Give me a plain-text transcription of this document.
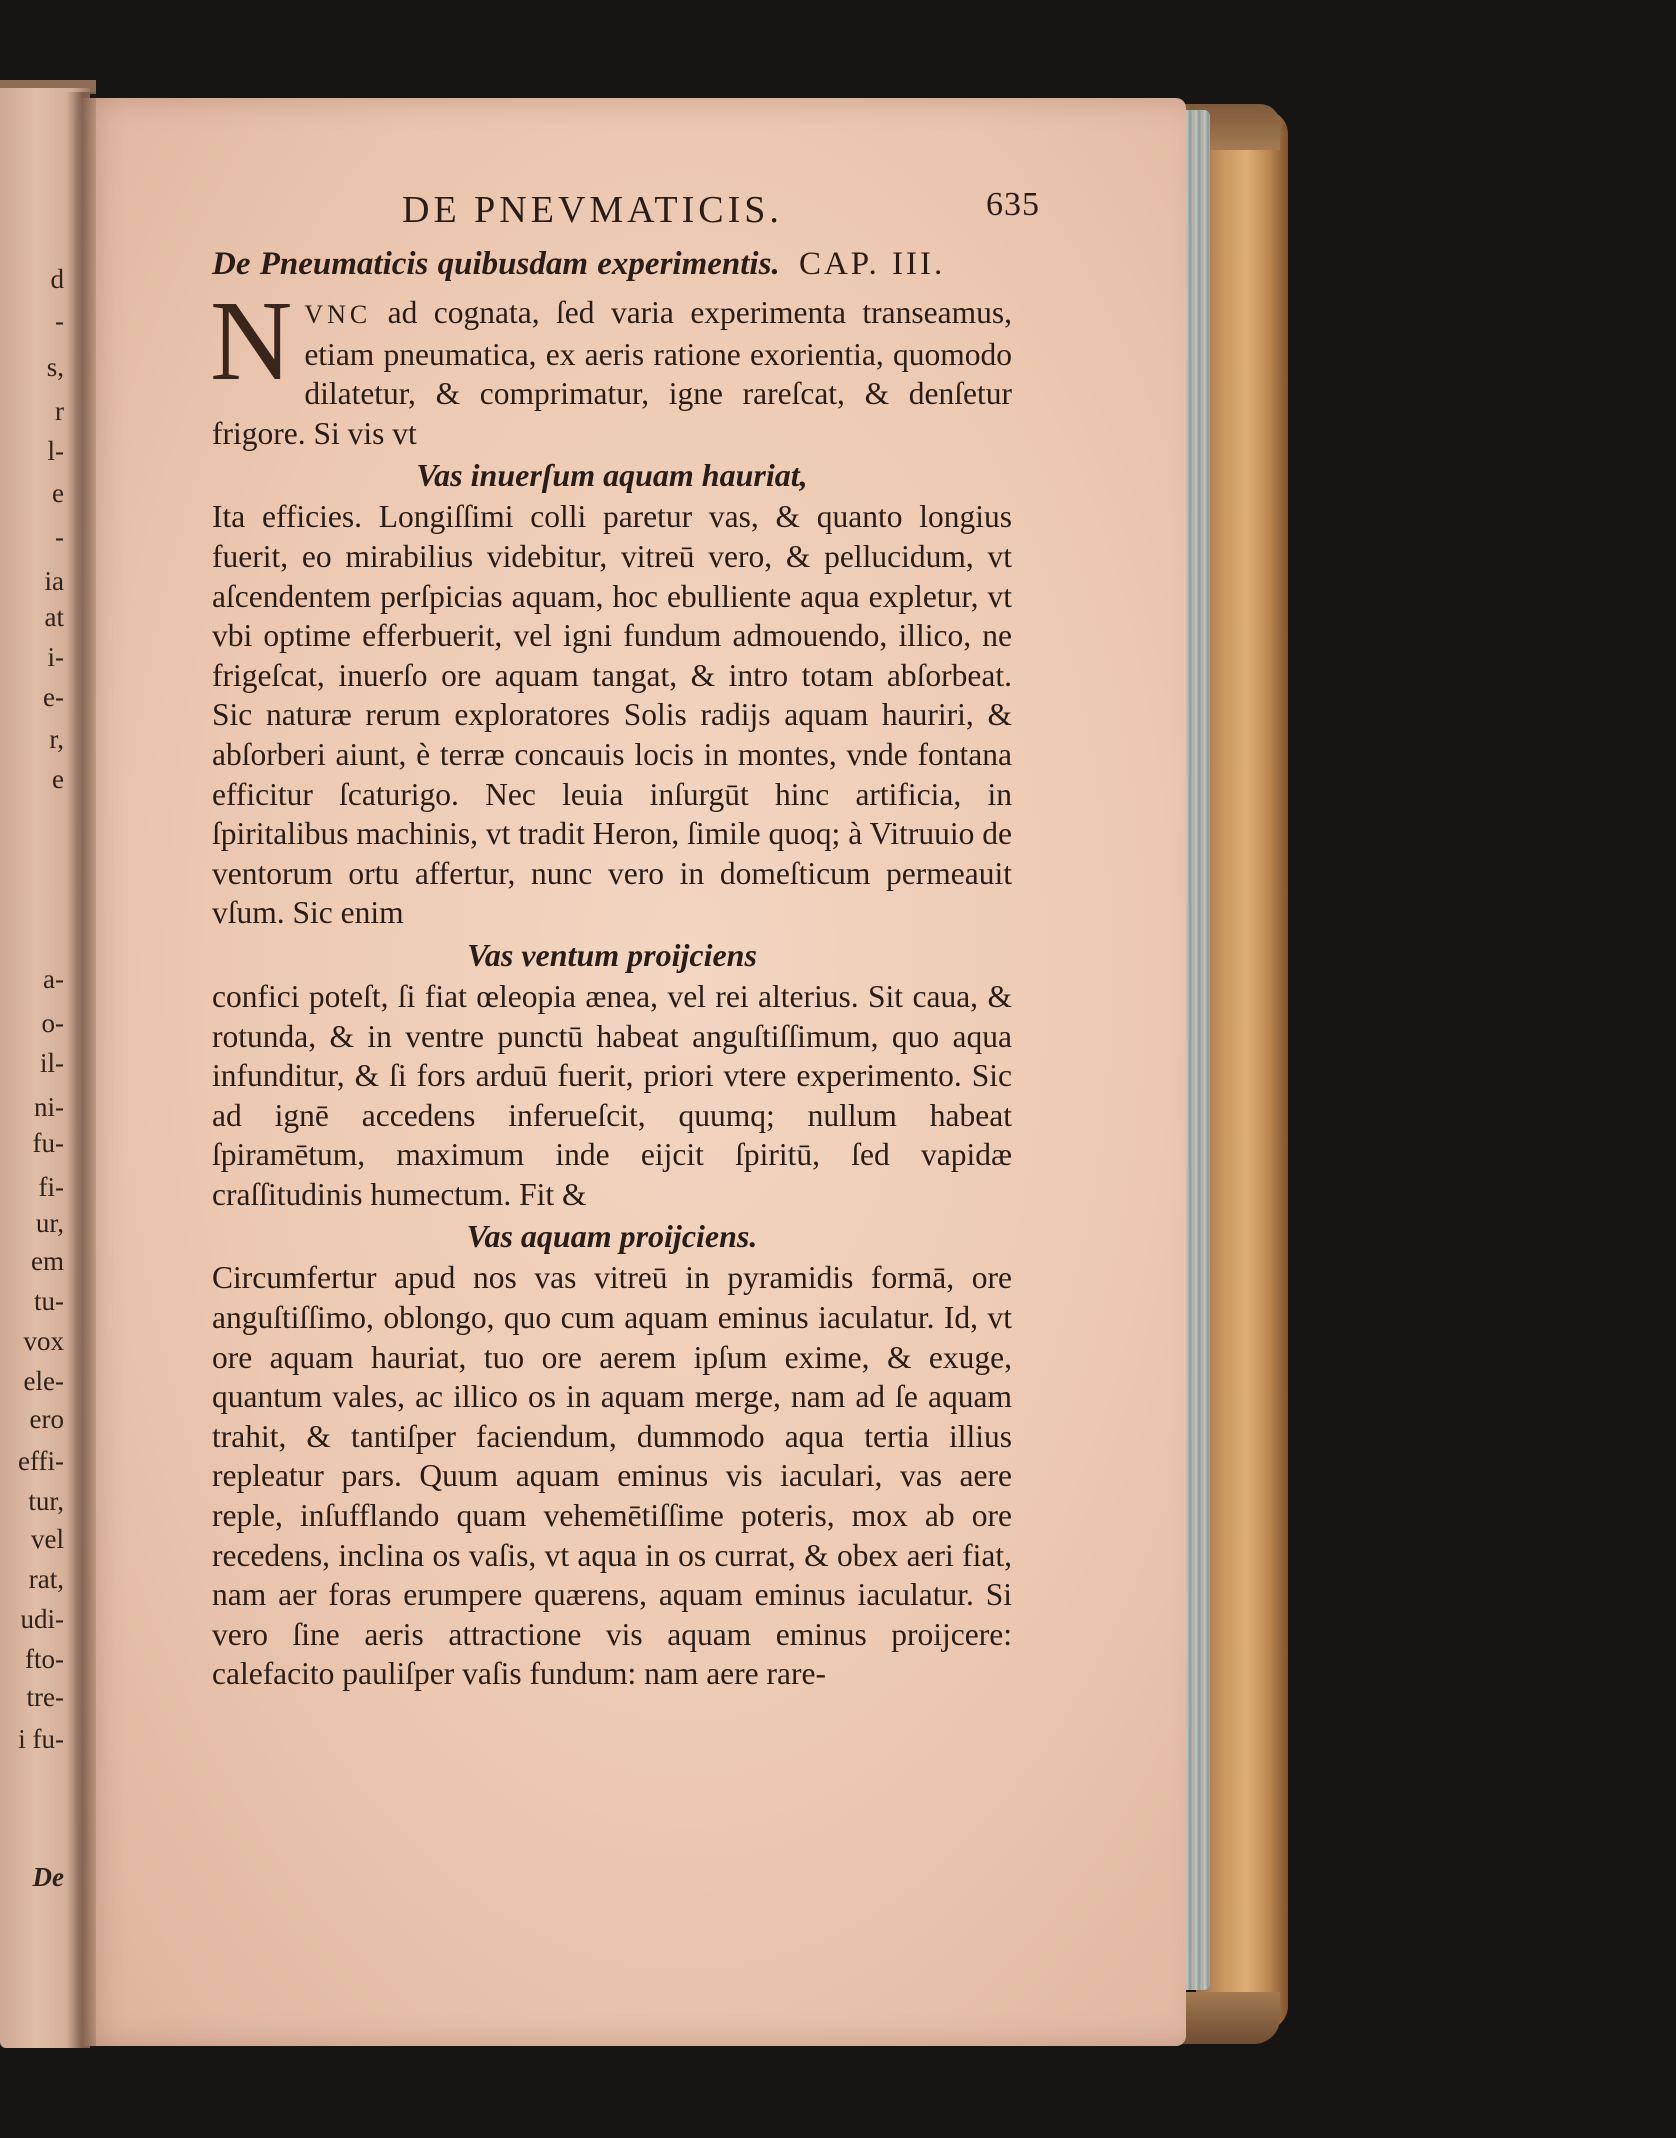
d
-
s,
r
l-
e
-
ia
at
i-
e-
r,
e
a-
o-
il-
ni-
fu-
fi-
ur,
em
tu-
vox
ele-
ero
effi-
tur,
vel
rat,
udi-
fto-
tre-
i fu-
De
DE PNEVMATICIS.	635
De Pneumaticis quibusdam experimentis. CAP. III.

NVNC ad cognata, ſed varia experimenta transeamus, etiam pneumatica, ex aeris ratione exorientia, quomodo dilatetur, & comprimatur, igne rareſcat, & denſetur frigore. Si vis vt

Vas inuerſum aquam hauriat,

Ita efficies. Longiſſimi colli paretur vas, & quanto longius fuerit, eo mirabilius videbitur, vitreū vero, & pellucidum, vt aſcendentem perſpicias aquam, hoc ebulliente aqua expletur, vt vbi optime efferbuerit, vel igni fundum admouendo, illico, ne frigeſcat, inuerſo ore aquam tangat, & intro totam abſorbeat. Sic naturæ rerum exploratores Solis radijs aquam hauriri, & abſorberi aiunt, è terræ concauis locis in montes, vnde fontana efficitur ſcaturigo. Nec leuia inſurgūt hinc artificia, in ſpiritalibus machinis, vt tradit Heron, ſimile quoq; à Vitruuio de ventorum ortu affertur, nunc vero in domeſticum permeauit vſum. Sic enim

Vas ventum proijciens

confici poteſt, ſi fiat œleopia ænea, vel rei alterius. Sit caua, & rotunda, & in ventre punctū habeat anguſtiſſimum, quo aqua infunditur, & ſi fors arduū fuerit, priori vtere experimento. Sic ad ignē accedens inferueſcit, quumq; nullum habeat ſpiramētum, maximum inde eijcit ſpiritū, ſed vapidæ craſſitudinis humectum. Fit &

Vas aquam proijciens.

Circumfertur apud nos vas vitreū in pyramidis formā, ore anguſtiſſimo, oblongo, quo cum aquam eminus iaculatur. Id, vt ore aquam hauriat, tuo ore aerem ipſum exime, & exuge, quantum vales, ac illico os in aquam merge, nam ad ſe aquam trahit, & tantiſper faciendum, dummodo aqua tertia illius repleatur pars. Quum aquam eminus vis iaculari, vas aere reple, inſufflando quam vehemētiſſime poteris, mox ab ore recedens, inclina os vaſis, vt aqua in os currat, & obex aeri fiat, nam aer foras erumpere quærens, aquam eminus iaculatur. Si vero ſine aeris attractione vis aquam eminus proijcere: calefacito pauliſper vaſis fundum: nam aere rare-
